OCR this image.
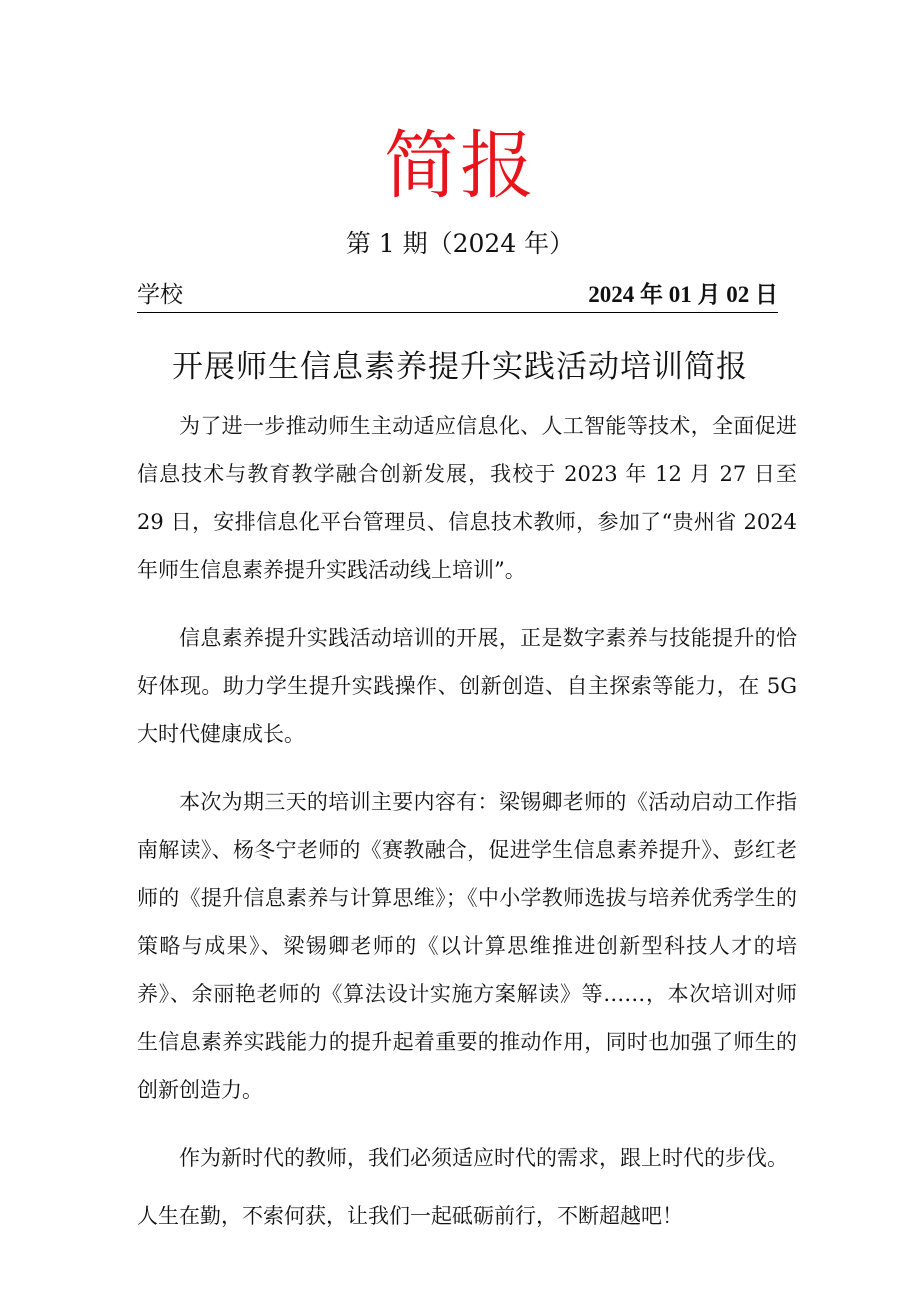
简报
第 1 期（2024 年）
学校	2024 年 01 月 02 日
开展师生信息素养提升实践活动培训简报

为了进一步推动师生主动适应信息化、人工智能等技术，全面促进信息技术与教育教学融合创新发展，我校于 2023 年 12 月 27 日至 29 日，安排信息化平台管理员、信息技术教师，参加了“贵州省 2024 年师生信息素养提升实践活动线上培训”。

信息素养提升实践活动培训的开展，正是数字素养与技能提升的恰好体现。助力学生提升实践操作、创新创造、自主探索等能力，在 5G 大时代健康成长。

本次为期三天的培训主要内容有：梁锡卿老师的《活动启动工作指南解读》、杨冬宁老师的《赛教融合，促进学生信息素养提升》、彭红老师的《提升信息素养与计算思维》；《中小学教师选拔与培养优秀学生的策略与成果》、梁锡卿老师的《以计算思维推进创新型科技人才的培养》、余丽艳老师的《算法设计实施方案解读》等……，本次培训对师生信息素养实践能力的提升起着重要的推动作用，同时也加强了师生的创新创造力。

作为新时代的教师，我们必须适应时代的需求，跟上时代的步伐。

人生在勤，不索何获，让我们一起砥砺前行，不断超越吧！
